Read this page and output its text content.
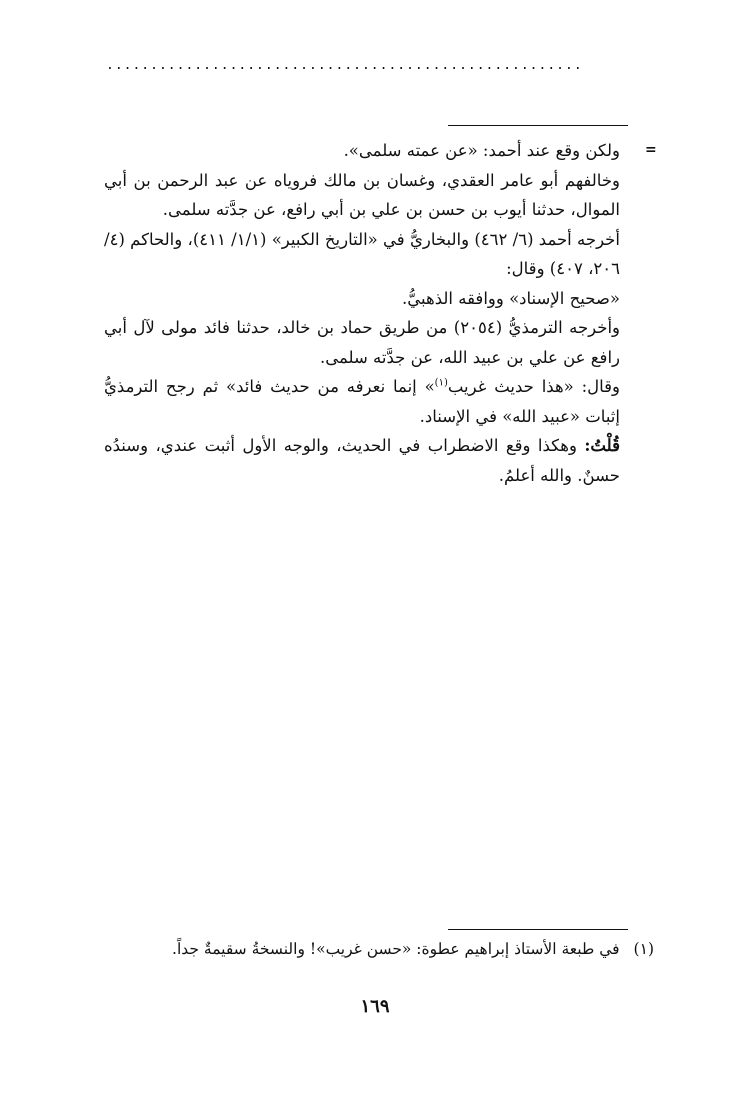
......................................................
=

ولكن وقع عند أحمد: «عن عمته سلمى».

وخالفهم أبو عامر العقدي، وغسان بن مالك فروياه عن عبد الرحمن بن أبي الموال، حدثنا أيوب بن حسن بن علي بن أبي رافع، عن جدَّته سلمى.

أخرجه أحمد (٦/ ٤٦٢) والبخاريُّ في «التاريخ الكبير» (١/١/ ٤١١)، والحاكم (٤/ ٢٠٦، ٤٠٧) وقال:

«صحيح الإسناد» ووافقه الذهبيُّ.

وأخرجه الترمذيُّ (٢٠٥٤) من طريق حماد بن خالد، حدثنا فائد مولى لآل أبي رافع عن علي بن عبيد الله، عن جدَّته سلمى.

وقال: «هذا حديث غريب$^{(١)}$» إنما نعرفه من حديث فائد» ثم رجح الترمذيُّ إثبات «عبيد الله» في الإسناد.

قُلْتُ: وهكذا وقع الاضطراب في الحديث، والوجه الأول أثبت عندي، وسندُه حسنٌ. والله أعلمُ.

(١)في طبعة الأستاذ إبراهيم عطوة: «حسن غريب»! والنسخةُ سقيمةٌ جداً.
١٦٩
